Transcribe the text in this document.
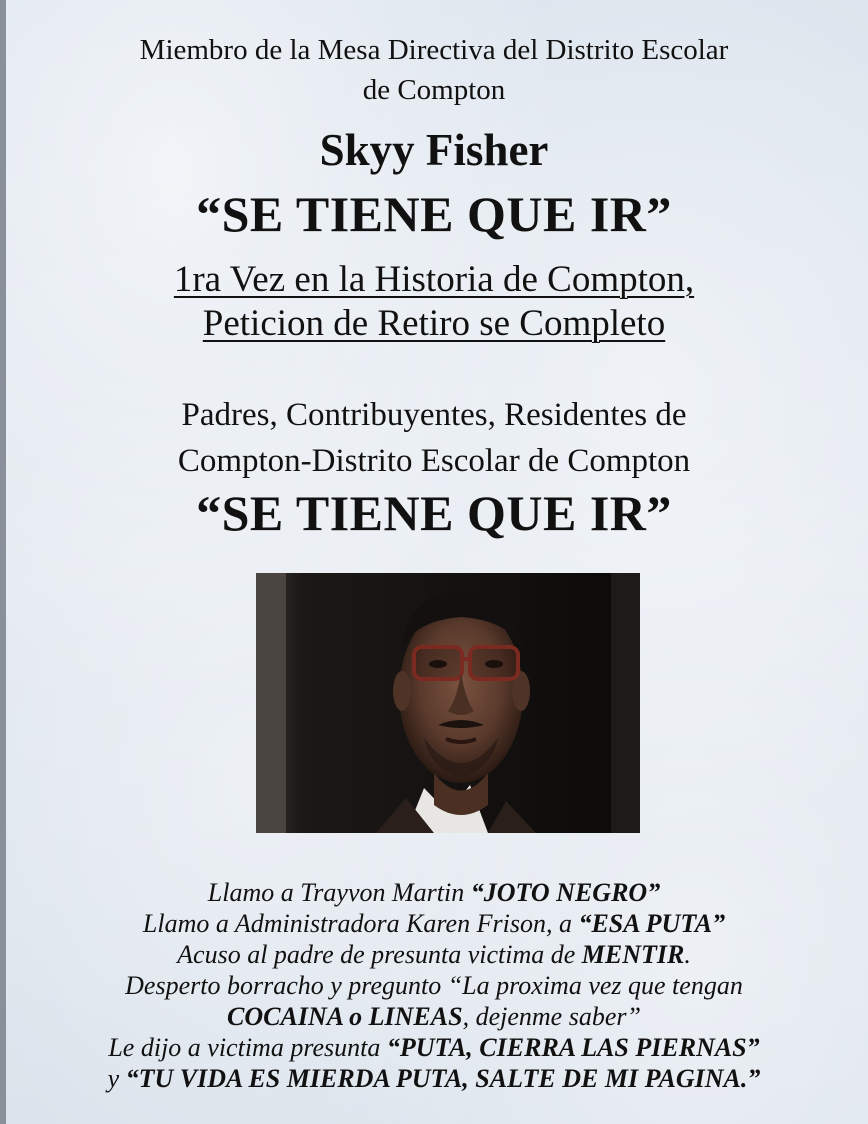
Miembro de la Mesa Directiva del Distrito Escolar
de Compton
Skyy Fisher
“SE TIENE QUE IR”
1ra Vez en la Historia de Compton,
Peticion de Retiro se Completo
Padres, Contribuyentes, Residentes de
Compton-Distrito Escolar de Compton
“SE TIENE QUE IR”
Llamo a Trayvon Martin “JOTO NEGRO”
Llamo a Administradora Karen Frison, a “ESA PUTA”
Acuso al padre de presunta victima de MENTIR.
Desperto borracho y pregunto “La proxima vez que tengan
COCAINA o LINEAS, dejenme saber”
Le dijo a victima presunta “PUTA, CIERRA LAS PIERNAS”
y “TU VIDA ES MIERDA PUTA, SALTE DE MI PAGINA.”
